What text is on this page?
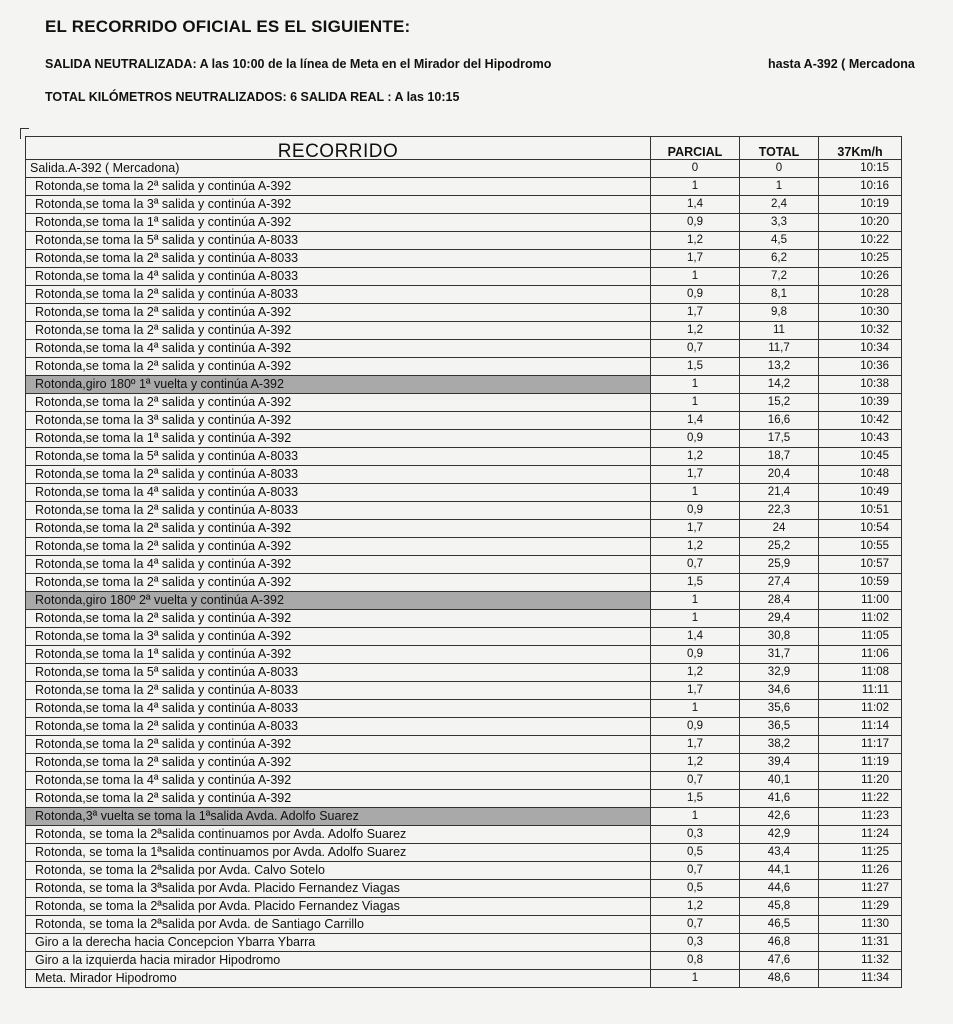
EL RECORRIDO OFICIAL ES EL SIGUIENTE:
SALIDA NEUTRALIZADA: A las 10:00 de la línea de Meta en el Mirador del Hipodromo	hasta A-392 ( Mercadona
TOTAL KILÓMETROS NEUTRALIZADOS: 6 SALIDA REAL : A las 10:15
RECORRIDO	PARCIAL	TOTAL	37Km/h
Salida.A-392 ( Mercadona)	0	0	10:15
Rotonda,se toma la 2ª salida y continúa A-392	1	1	10:16
Rotonda,se toma la 3ª salida y continúa A-392	1,4	2,4	10:19
Rotonda,se toma la 1ª salida y continúa A-392	0,9	3,3	10:20
Rotonda,se toma la 5ª salida y continúa A-8033	1,2	4,5	10:22
Rotonda,se toma la 2ª salida y continúa A-8033	1,7	6,2	10:25
Rotonda,se toma la 4ª salida y continúa A-8033	1	7,2	10:26
Rotonda,se toma la 2ª salida y continúa A-8033	0,9	8,1	10:28
Rotonda,se toma la 2ª salida y continúa A-392	1,7	9,8	10:30
Rotonda,se toma la 2ª salida y continúa A-392	1,2	11	10:32
Rotonda,se toma la 4ª salida y continúa A-392	0,7	11,7	10:34
Rotonda,se toma la 2ª salida y continúa A-392	1,5	13,2	10:36
Rotonda,giro 180º 1ª vuelta y continúa A-392	1	14,2	10:38
Rotonda,se toma la 2ª salida y continúa A-392	1	15,2	10:39
Rotonda,se toma la 3ª salida y continúa A-392	1,4	16,6	10:42
Rotonda,se toma la 1ª salida y continúa A-392	0,9	17,5	10:43
Rotonda,se toma la 5ª salida y continúa A-8033	1,2	18,7	10:45
Rotonda,se toma la 2ª salida y continúa A-8033	1,7	20,4	10:48
Rotonda,se toma la 4ª salida y continúa A-8033	1	21,4	10:49
Rotonda,se toma la 2ª salida y continúa A-8033	0,9	22,3	10:51
Rotonda,se toma la 2ª salida y continúa A-392	1,7	24	10:54
Rotonda,se toma la 2ª salida y continúa A-392	1,2	25,2	10:55
Rotonda,se toma la 4ª salida y continúa A-392	0,7	25,9	10:57
Rotonda,se toma la 2ª salida y continúa A-392	1,5	27,4	10:59
Rotonda,giro 180º 2ª vuelta y continúa A-392	1	28,4	11:00
Rotonda,se toma la 2ª salida y continúa A-392	1	29,4	11:02
Rotonda,se toma la 3ª salida y continúa A-392	1,4	30,8	11:05
Rotonda,se toma la 1ª salida y continúa A-392	0,9	31,7	11:06
Rotonda,se toma la 5ª salida y continúa A-8033	1,2	32,9	11:08
Rotonda,se toma la 2ª salida y continúa A-8033	1,7	34,6	11:11
Rotonda,se toma la 4ª salida y continúa A-8033	1	35,6	11:02
Rotonda,se toma la 2ª salida y continúa A-8033	0,9	36,5	11:14
Rotonda,se toma la 2ª salida y continúa A-392	1,7	38,2	11:17
Rotonda,se toma la 2ª salida y continúa A-392	1,2	39,4	11:19
Rotonda,se toma la 4ª salida y continúa A-392	0,7	40,1	11:20
Rotonda,se toma la 2ª salida y continúa A-392	1,5	41,6	11:22
Rotonda,3ª vuelta se toma la 1ªsalida Avda. Adolfo Suarez	1	42,6	11:23
Rotonda, se toma la 2ªsalida continuamos por Avda. Adolfo Suarez	0,3	42,9	11:24
Rotonda, se toma la 1ªsalida continuamos por Avda. Adolfo Suarez	0,5	43,4	11:25
Rotonda, se toma la 2ªsalida por Avda. Calvo Sotelo	0,7	44,1	11:26
Rotonda, se toma la 3ªsalida por Avda. Placido Fernandez Viagas	0,5	44,6	11:27
Rotonda, se toma la 2ªsalida por Avda. Placido Fernandez Viagas	1,2	45,8	11:29
Rotonda, se toma la 2ªsalida por Avda. de Santiago Carrillo	0,7	46,5	11:30
Giro a la derecha hacia Concepcion Ybarra Ybarra	0,3	46,8	11:31
Giro a la izquierda hacia mirador Hipodromo	0,8	47,6	11:32
Meta. Mirador Hipodromo	1	48,6	11:34
